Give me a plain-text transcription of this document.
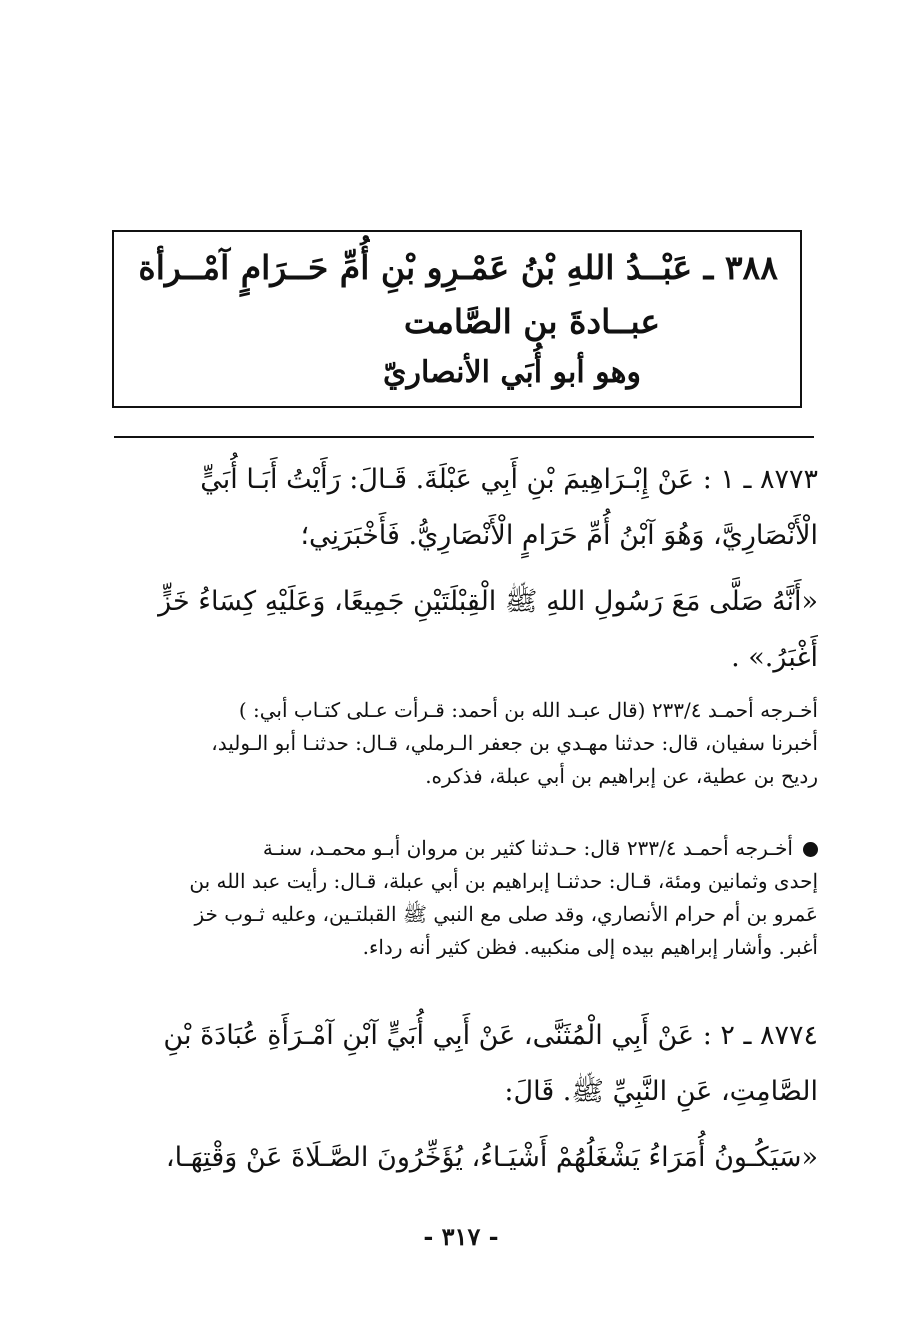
٣٨٨ ـ عَبْــدُ اللهِ بْنُ عَمْـرِو بْنِ أُمِّ حَــرَامٍ آمْــرأة
عبــادةَ بن الصَّامت
وهو أبو أُبَي الأنصاريّ
٨٧٧٣ ـ ١ : عَنْ إِبْـرَاهِيمَ بْنِ أَبِي عَبْلَةَ. قَـالَ: رَأَيْتُ أَبَـا أُبَيٍّ
الْأَنْصَارِيَّ، وَهُوَ آبْنُ أُمِّ حَرَامٍ الْأَنْصَارِيُّ. فَأَخْبَرَنِي؛
«أَنَّهُ صَلَّى مَعَ رَسُولِ اللهِ ﷺ الْقِبْلَتَيْنِ جَمِيعًا، وَعَلَيْهِ كِسَاءُ خَزٍّ
أَغْبَرُ.» .
أخـرجه أحمـد ٢٣٣/٤ (قال عبـد الله بن أحمد: قـرأت عـلى كتـاب أبي: )
أخبرنا سفيان، قال: حدثنا مهـدي بن جعفر الـرملي، قـال: حدثنـا أبو الـوليد،
رديح بن عطية، عن إبراهيم بن أبي عبلة، فذكره.
أخـرجه أحمـد ٢٣٣/٤ قال: حـدثنا كثير بن مروان أبـو محمـد، سنـة
إحدى وثمانين ومئة، قـال: حدثنـا إبراهيم بن أبي عبلة، قـال: رأيت عبد الله بن
عَمرو بن أم حرام الأنصاري، وقد صلى مع النبي ﷺ القبلتـين، وعليه ثـوب خز
أغبر. وأشار إبراهيم بيده إلى منكبيه. فظن كثير أنه رداء.
٨٧٧٤ ـ ٢ : عَنْ أَبِي الْمُثَنَّى، عَنْ أَبِي أُبَيٍّ آبْنِ آمْـرَأَةِ عُبَادَةَ بْنِ
الصَّامِتِ، عَنِ النَّبِيِّ ﷺ. قَالَ:
«سَيَكُـونُ أُمَرَاءُ يَشْغَلُهُمْ أَشْيَـاءُ، يُؤَخِّرُونَ الصَّـلَاةَ عَنْ وَقْتِهَـا،
- ٣١٧ -
